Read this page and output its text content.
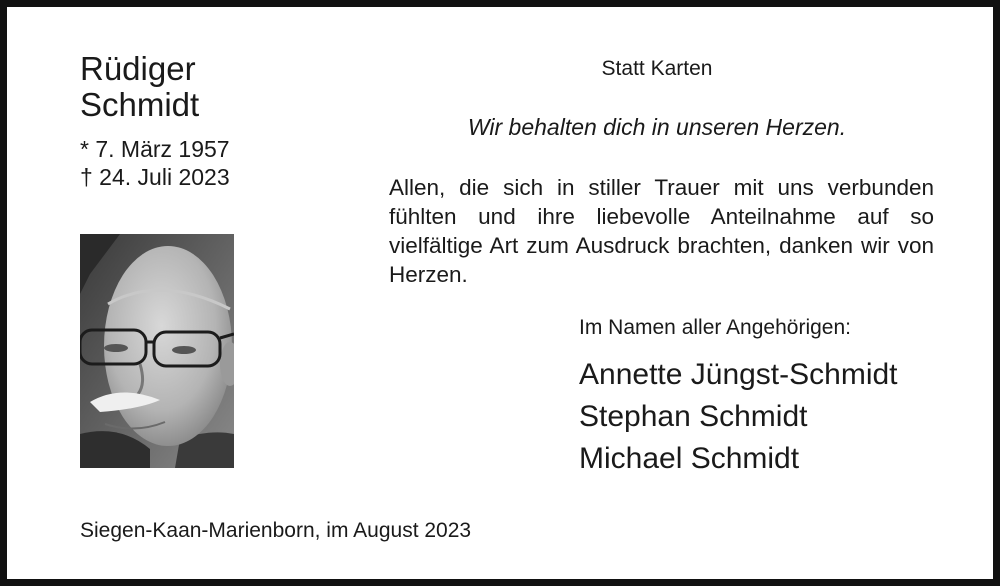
Rüdiger
Schmidt
* 7. März 1957
† 24. Juli 2023
Statt Karten
Wir behalten dich in unseren Herzen.
Allen, die sich in stiller Trauer mit uns verbunden fühlten und ihre liebevolle Anteilnahme auf so vielfältige Art zum Ausdruck brachten, danken wir von Herzen.
Im Namen aller Angehörigen:
Annette Jüngst-Schmidt
Stephan Schmidt
Michael Schmidt
Siegen-Kaan-Marienborn, im August 2023
